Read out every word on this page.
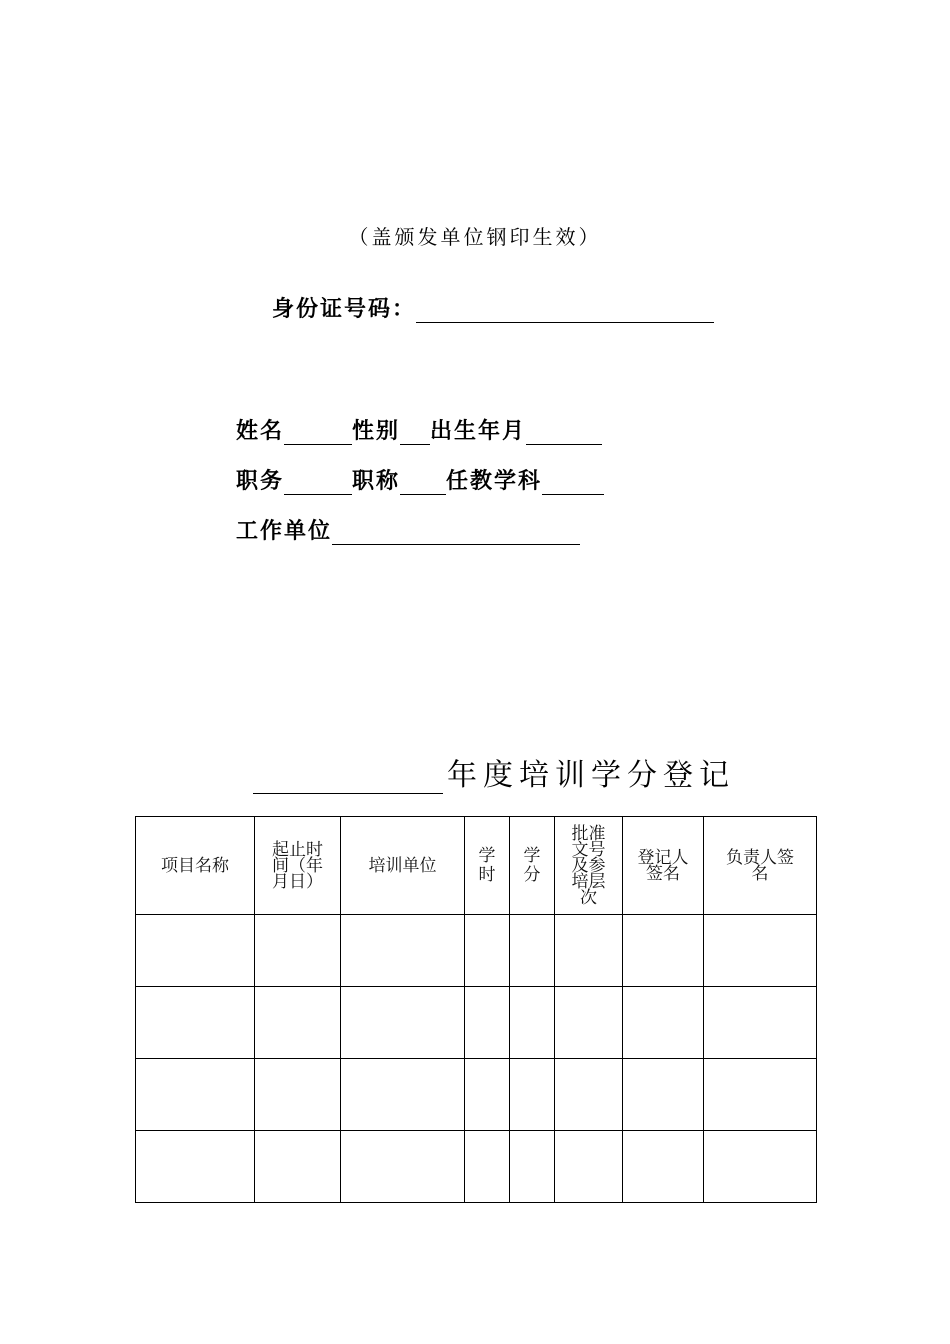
（盖颁发单位钢印生效）
身份证号码：
姓名	性别 出生年月
职务	职称 任教学科
工作单位
年度培训学分登记
项目名称	起止时间（年月日）	培训单位	学时	学分	批准文号及参培层次	登记人签名	负责人签名
